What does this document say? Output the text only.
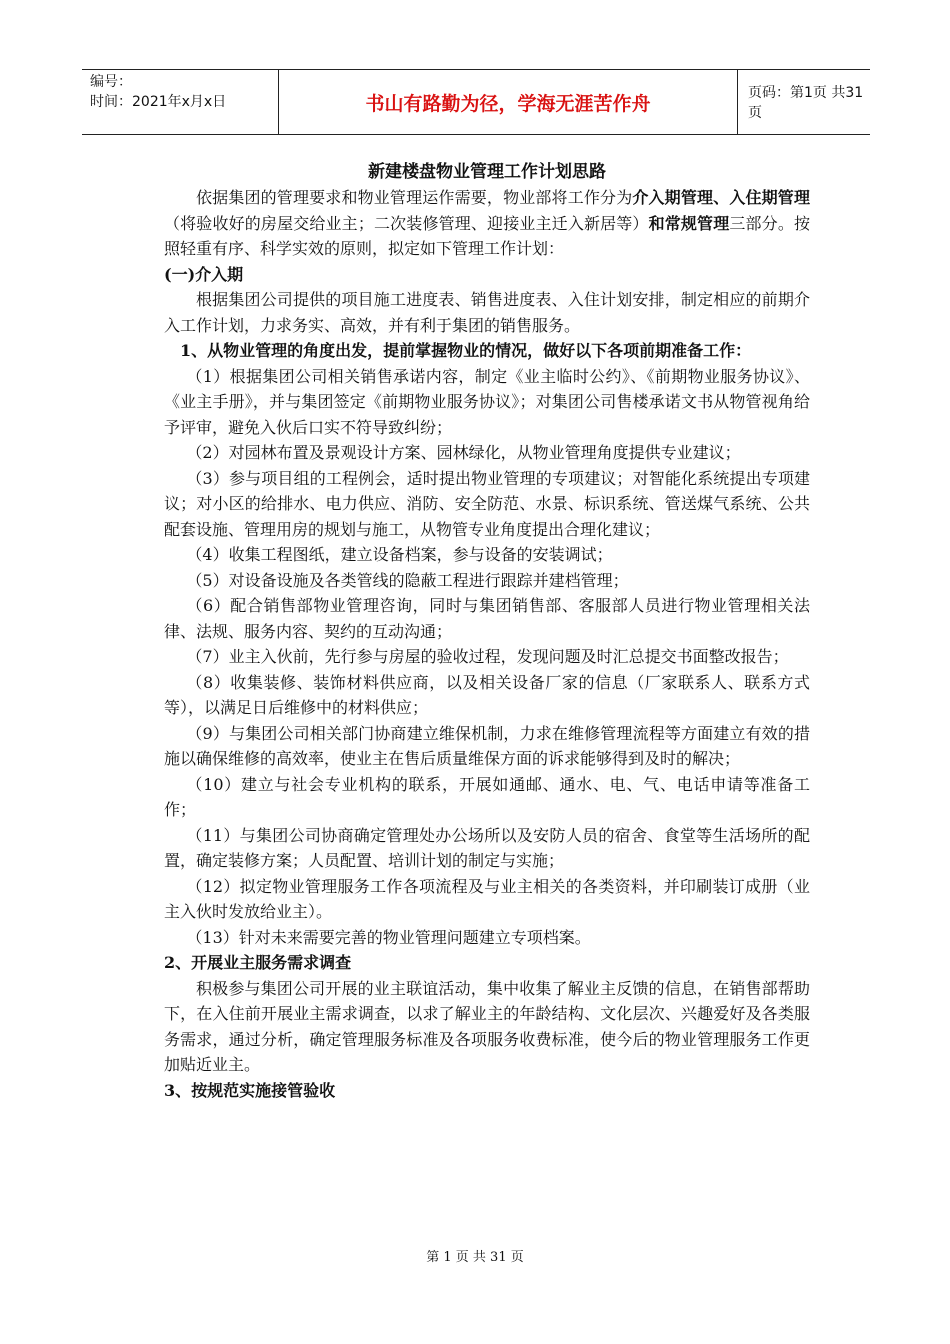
编号：
时间：2021年x月x日	书山有路勤为径，学海无涯苦作舟	页码：第1页 共31页
新建楼盘物业管理工作计划思路

依据集团的管理要求和物业管理运作需要，物业部将工作分为介入期管理、入住期管理（将验收好的房屋交给业主；二次装修管理、迎接业主迁入新居等）和常规管理三部分。按照轻重有序、科学实效的原则，拟定如下管理工作计划：

(一)介入期

根据集团公司提供的项目施工进度表、销售进度表、入住计划安排，制定相应的前期介入工作计划，力求务实、高效，并有利于集团的销售服务。

1、从物业管理的角度出发，提前掌握物业的情况，做好以下各项前期准备工作：

（1）根据集团公司相关销售承诺内容，制定《业主临时公约》、《前期物业服务协议》、《业主手册》，并与集团签定《前期物业服务协议》；对集团公司售楼承诺文书从物管视角给予评审，避免入伙后口实不符导致纠纷；

（2）对园林布置及景观设计方案、园林绿化，从物业管理角度提供专业建议；

（3）参与项目组的工程例会，适时提出物业管理的专项建议；对智能化系统提出专项建议；对小区的给排水、电力供应、消防、安全防范、水景、标识系统、管送煤气系统、公共配套设施、管理用房的规划与施工，从物管专业角度提出合理化建议；

（4）收集工程图纸，建立设备档案，参与设备的安装调试；

（5）对设备设施及各类管线的隐蔽工程进行跟踪并建档管理；

（6）配合销售部物业管理咨询，同时与集团销售部、客服部人员进行物业管理相关法律、法规、服务内容、契约的互动沟通；

（7）业主入伙前，先行参与房屋的验收过程，发现问题及时汇总提交书面整改报告；

（8）收集装修、装饰材料供应商，以及相关设备厂家的信息（厂家联系人、联系方式等），以满足日后维修中的材料供应；

（9）与集团公司相关部门协商建立维保机制，力求在维修管理流程等方面建立有效的措施以确保维修的高效率，使业主在售后质量维保方面的诉求能够得到及时的解决；

（10）建立与社会专业机构的联系，开展如通邮、通水、电、气、电话申请等准备工作；

（11）与集团公司协商确定管理处办公场所以及安防人员的宿舍、食堂等生活场所的配置，确定装修方案；人员配置、培训计划的制定与实施；

（12）拟定物业管理服务工作各项流程及与业主相关的各类资料，并印刷装订成册（业主入伙时发放给业主）。

（13）针对未来需要完善的物业管理问题建立专项档案。

2、开展业主服务需求调查

积极参与集团公司开展的业主联谊活动，集中收集了解业主反馈的信息，在销售部帮助下，在入住前开展业主需求调查，以求了解业主的年龄结构、文化层次、兴趣爱好及各类服务需求，通过分析，确定管理服务标准及各项服务收费标准，使今后的物业管理服务工作更加贴近业主。

3、按规范实施接管验收

第 1 页 共 31 页
